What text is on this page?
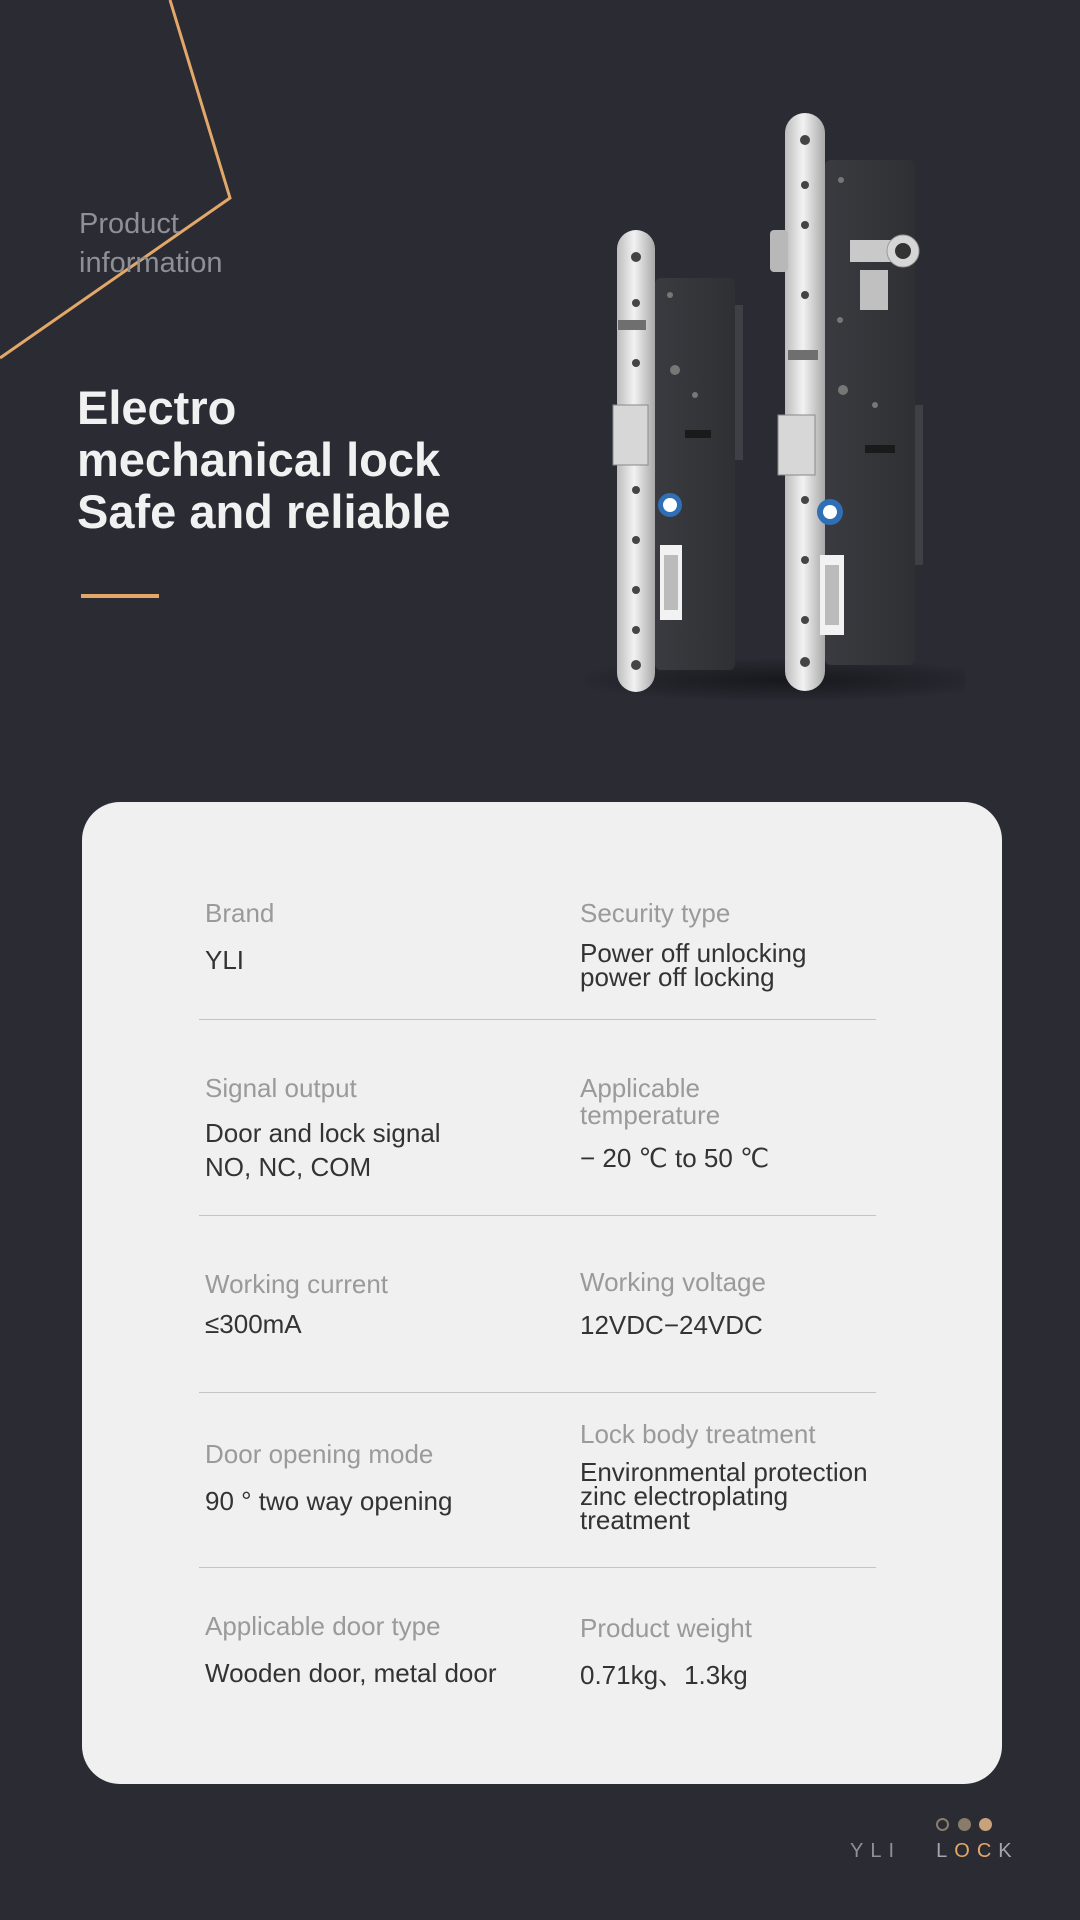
Product information
Electro
mechanical lock
Safe and reliable
Brand
YLI
Security type
Power off unlocking
power off locking
Signal output
Door and lock signal
NO, NC, COM
Applicable
temperature
− 20 ℃ to 50 ℃
Working current
≤300mA
Working voltage
12VDC−24VDC
Door opening mode
90 ° two way opening
Lock body treatment
Environmental protection
zinc electroplating
treatment
Applicable door type
Wooden door, metal door
Product weight
0.71kg、1.3kg
YLI LOCK
